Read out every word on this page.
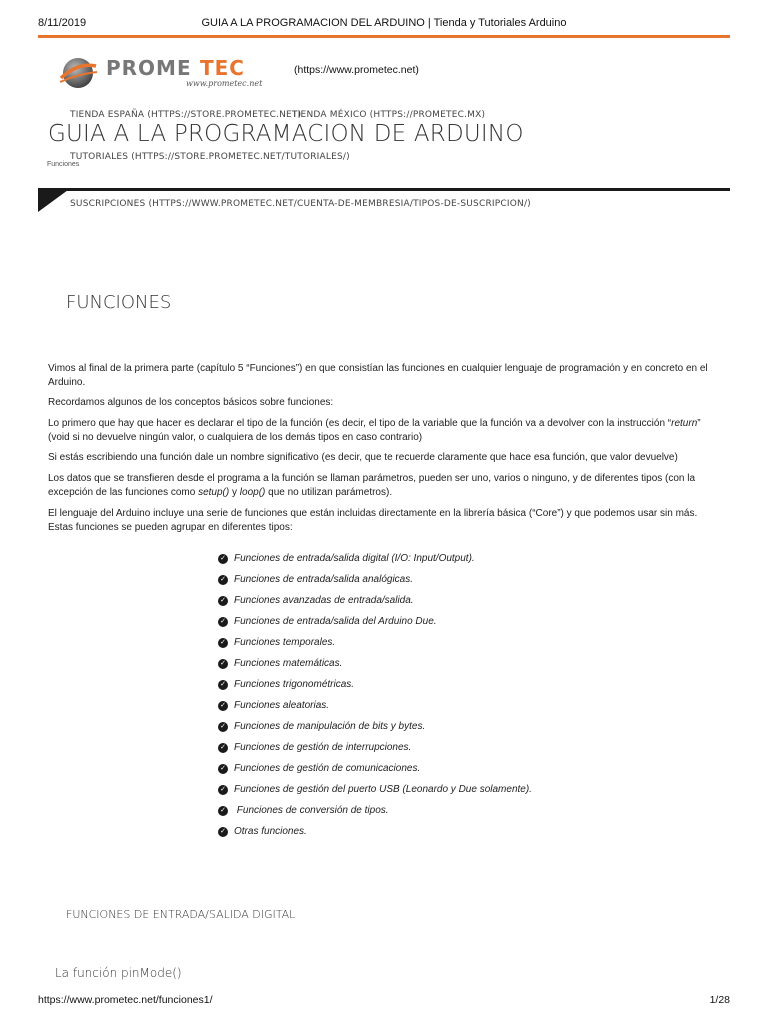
8/11/2019	GUIA A LA PROGRAMACION DEL ARDUINO | Tienda y Tutoriales Arduino
PROME TEC
www.prometec.net
(https://www.prometec.net)
TIENDA ESPAÑA (HTTPS://STORE.PROMETEC.NET)
TIENDA MÉXICO (HTTPS://PROMETEC.MX)
GUIA A LA PROGRAMACION DE ARDUINO
TUTORIALES (HTTPS://STORE.PROMETEC.NET/TUTORIALES/)
Funciones
SUSCRIPCIONES (HTTPS://WWW.PROMETEC.NET/CUENTA-DE-MEMBRESIA/TIPOS-DE-SUSCRIPCION/)
FUNCIONES
Vimos al final de la primera parte (capítulo 5 “Funciones”) en que consistían las funciones en cualquier lenguaje de programación y en concreto en el Arduino.
Recordamos algunos de los conceptos básicos sobre funciones:
Lo primero que hay que hacer es declarar el tipo de la función (es decir, el tipo de la variable que la función va a devolver con la instrucción “return” (void si no devuelve ningún valor, o cualquiera de los demás tipos en caso contrario)
Si estás escribiendo una función dale un nombre significativo (es decir, que te recuerde claramente que hace esa función, que valor devuelve)
Los datos que se transfieren desde el programa a la función se llaman parámetros, pueden ser uno, varios o ninguno, y de diferentes tipos (con la excepción de las funciones como setup() y loop() que no utilizan parámetros).
El lenguaje del Arduino incluye una serie de funciones que están incluidas directamente en la librería básica (“Core”) y que podemos usar sin más. Estas funciones se pueden agrupar en diferentes tipos:
✓ Funciones de entrada/salida digital (I/O: Input/Output).
✓ Funciones de entrada/salida analógicas.
✓ Funciones avanzadas de entrada/salida.
✓ Funciones de entrada/salida del Arduino Due.
✓ Funciones temporales.
✓ Funciones matemáticas.
✓ Funciones trigonométricas.
✓ Funciones aleatorias.
✓ Funciones de manipulación de bits y bytes.
✓ Funciones de gestión de interrupciones.
✓ Funciones de gestión de comunicaciones.
✓ Funciones de gestión del puerto USB (Leonardo y Due solamente).
✓ Funciones de conversión de tipos.
✓ Otras funciones.
FUNCIONES DE ENTRADA/SALIDA DIGITAL
La función pinMode()
https://www.prometec.net/funciones1/	1/28
